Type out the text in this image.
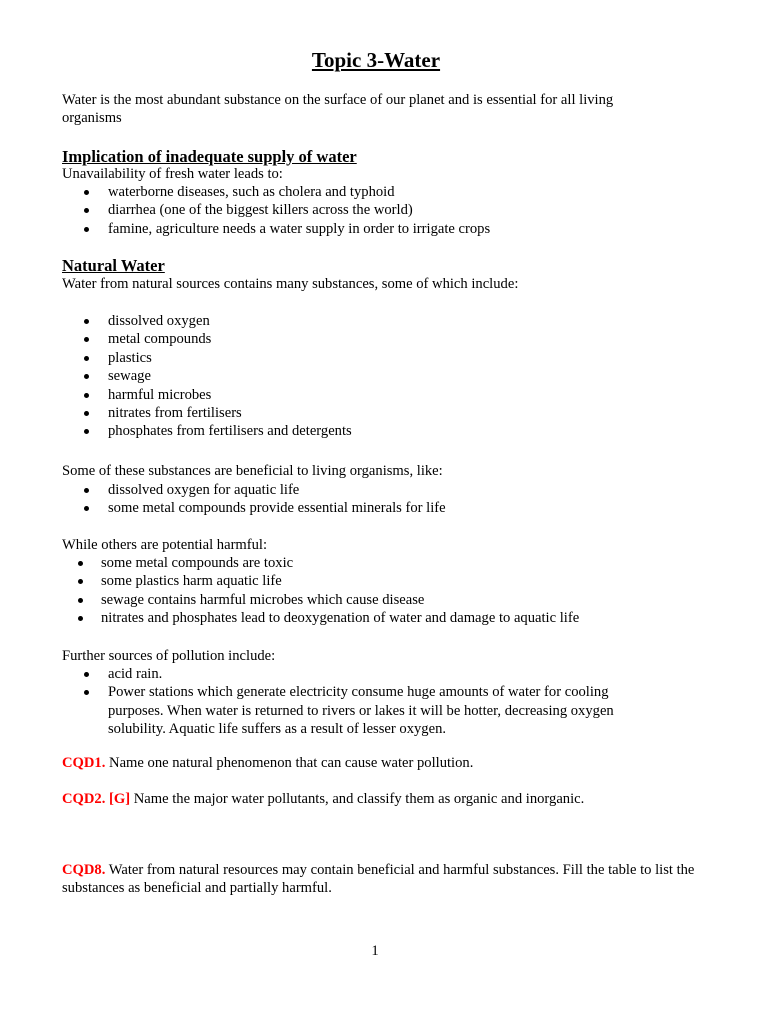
Topic 3-Water

Water is the most abundant substance on the surface of our planet and is essential for all living organisms

Implication of inadequate supply of water
Unavailability of fresh water leads to:
waterborne diseases, such as cholera and typhoid
diarrhea (one of the biggest killers across the world)
famine, agriculture needs a water supply in order to irrigate crops
Natural Water
Water from natural sources contains many substances, some of which include:
dissolved oxygen
metal compounds
plastics
sewage
harmful microbes
nitrates from fertilisers
phosphates from fertilisers and detergents
Some of these substances are beneficial to living organisms, like:
dissolved oxygen for aquatic life
some metal compounds provide essential minerals for life
While others are potential harmful:
some metal compounds are toxic
some plastics harm aquatic life
sewage contains harmful microbes which cause disease
nitrates and phosphates lead to deoxygenation of water and damage to aquatic life
Further sources of pollution include:
acid rain.
Power stations which generate electricity consume huge amounts of water for cooling purposes. When water is returned to rivers or lakes it will be hotter, decreasing oxygen solubility. Aquatic life suffers as a result of lesser oxygen.

CQD1. Name one natural phenomenon that can cause water pollution.

CQD2. [G] Name the major water pollutants, and classify them as organic and inorganic.

CQD8. Water from natural resources may contain beneficial and harmful substances. Fill the table to list the substances as beneficial and partially harmful.

1
